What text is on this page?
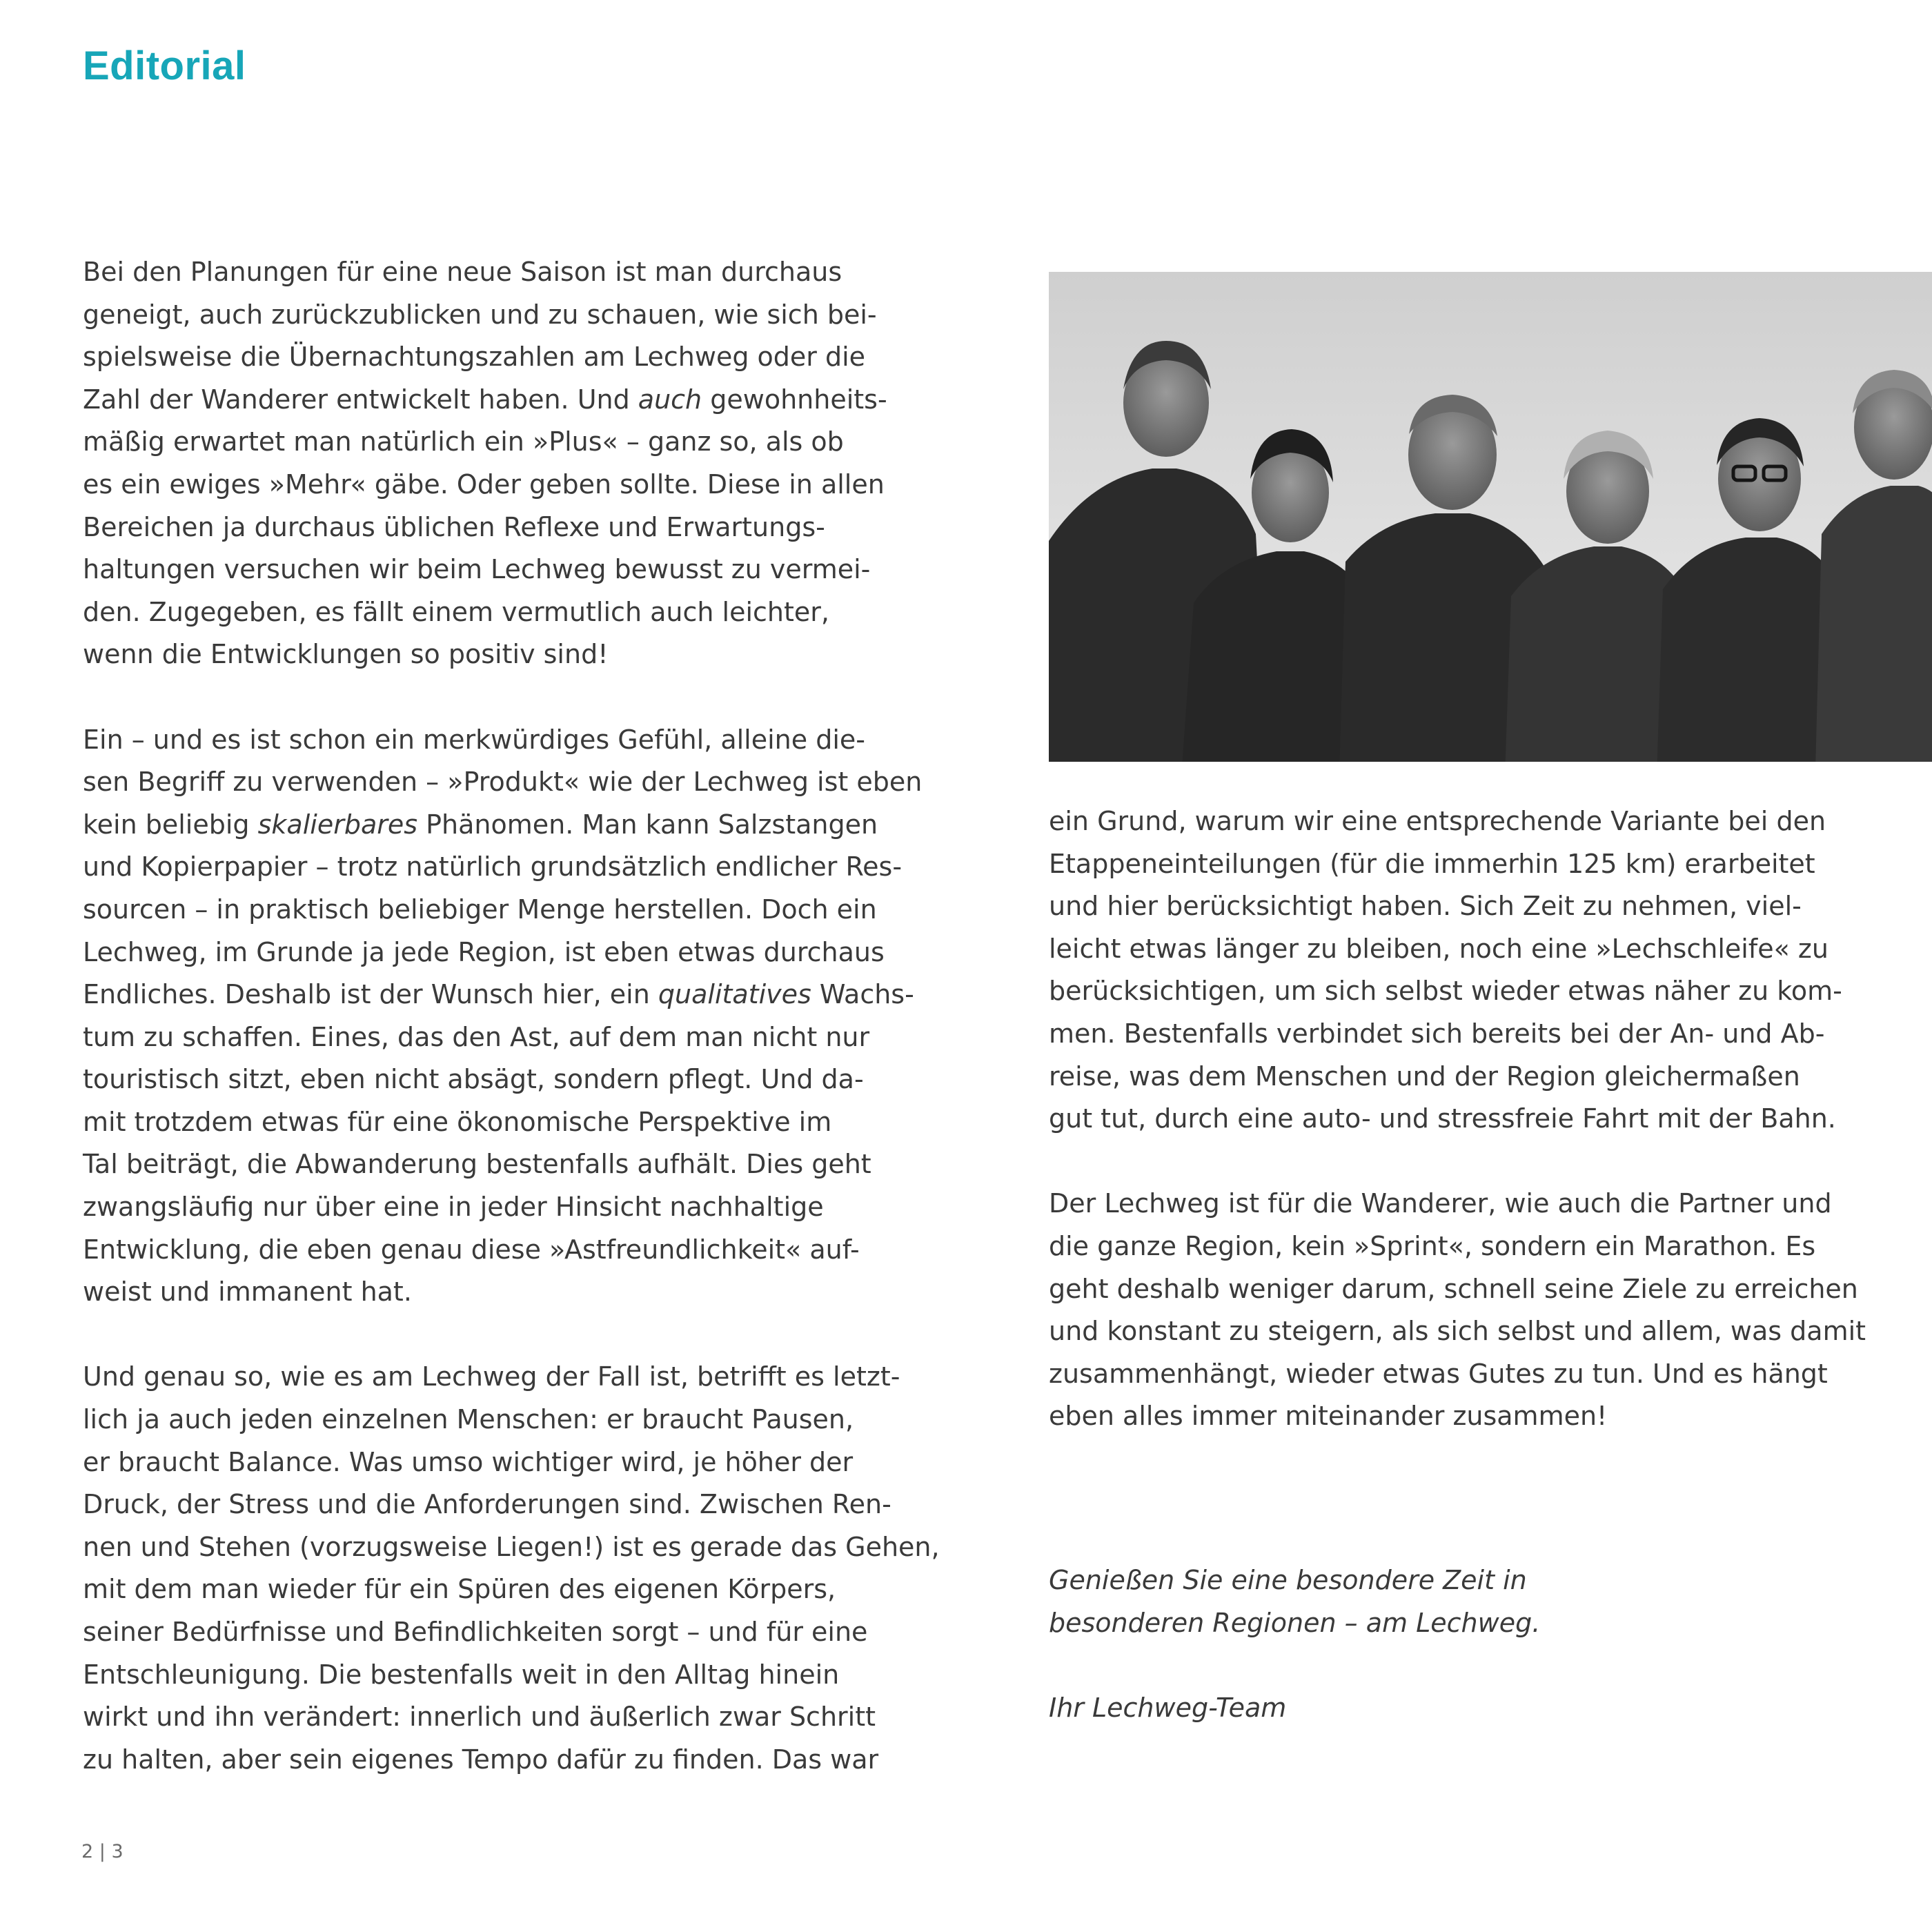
Editorial

Bei den Planungen für eine neue Saison ist man durchaus
geneigt, auch zurückzublicken und zu schauen, wie sich bei-
spielsweise die Übernachtungszahlen am Lechweg oder die
Zahl der Wanderer entwickelt haben. Und auch gewohnheits-
mäßig erwartet man natürlich ein »Plus« – ganz so, als ob
es ein ewiges »Mehr« gäbe. Oder geben sollte. Diese in allen
Bereichen ja durchaus üblichen Reflexe und Erwartungs-
haltungen versuchen wir beim Lechweg bewusst zu vermei-
den. Zugegeben, es fällt einem vermutlich auch leichter,
wenn die Entwicklungen so positiv sind!

Ein – und es ist schon ein merkwürdiges Gefühl, alleine die-
sen Begriff zu verwenden – »Produkt« wie der Lechweg ist eben
kein beliebig skalierbares Phänomen. Man kann Salzstangen
und Kopierpapier – trotz natürlich grundsätzlich endlicher Res-
sourcen – in praktisch beliebiger Menge herstellen. Doch ein
Lechweg, im Grunde ja jede Region, ist eben etwas durchaus
Endliches. Deshalb ist der Wunsch hier, ein qualitatives Wachs-
tum zu schaffen. Eines, das den Ast, auf dem man nicht nur
touristisch sitzt, eben nicht absägt, sondern pflegt. Und da-
mit trotzdem etwas für eine ökonomische Perspektive im
Tal beiträgt, die Abwanderung bestenfalls aufhält. Dies geht
zwangsläufig nur über eine in jeder Hinsicht nachhaltige
Entwicklung, die eben genau diese »Astfreundlichkeit« auf-
weist und immanent hat.

Und genau so, wie es am Lechweg der Fall ist, betrifft es letzt-
lich ja auch jeden einzelnen Menschen: er braucht Pausen,
er braucht Balance. Was umso wichtiger wird, je höher der
Druck, der Stress und die Anforderungen sind. Zwischen Ren-
nen und Stehen (vorzugsweise Liegen!) ist es gerade das Gehen,
mit dem man wieder für ein Spüren des eigenen Körpers,
seiner Bedürfnisse und Befindlichkeiten sorgt – und für eine
Entschleunigung. Die bestenfalls weit in den Alltag hinein
wirkt und ihn verändert: innerlich und äußerlich zwar Schritt
zu halten, aber sein eigenes Tempo dafür zu finden. Das war

ein Grund, warum wir eine entsprechende Variante bei den
Etappeneinteilungen (für die immerhin 125 km) erarbeitet
und hier berücksichtigt haben. Sich Zeit zu nehmen, viel-
leicht etwas länger zu bleiben, noch eine »Lechschleife« zu
berücksichtigen, um sich selbst wieder etwas näher zu kom-
men. Bestenfalls verbindet sich bereits bei der An- und Ab-
reise, was dem Menschen und der Region gleichermaßen
gut tut, durch eine auto- und stressfreie Fahrt mit der Bahn.

Der Lechweg ist für die Wanderer, wie auch die Partner und
die ganze Region, kein »Sprint«, sondern ein Marathon. Es
geht deshalb weniger darum, schnell seine Ziele zu erreichen
und konstant zu steigern, als sich selbst und allem, was damit
zusammenhängt, wieder etwas Gutes zu tun. Und es hängt
eben alles immer miteinander zusammen!

Genießen Sie eine besondere Zeit in
besonderen Regionen – am Lechweg.
Ihr Lechweg-Team
2 | 3
